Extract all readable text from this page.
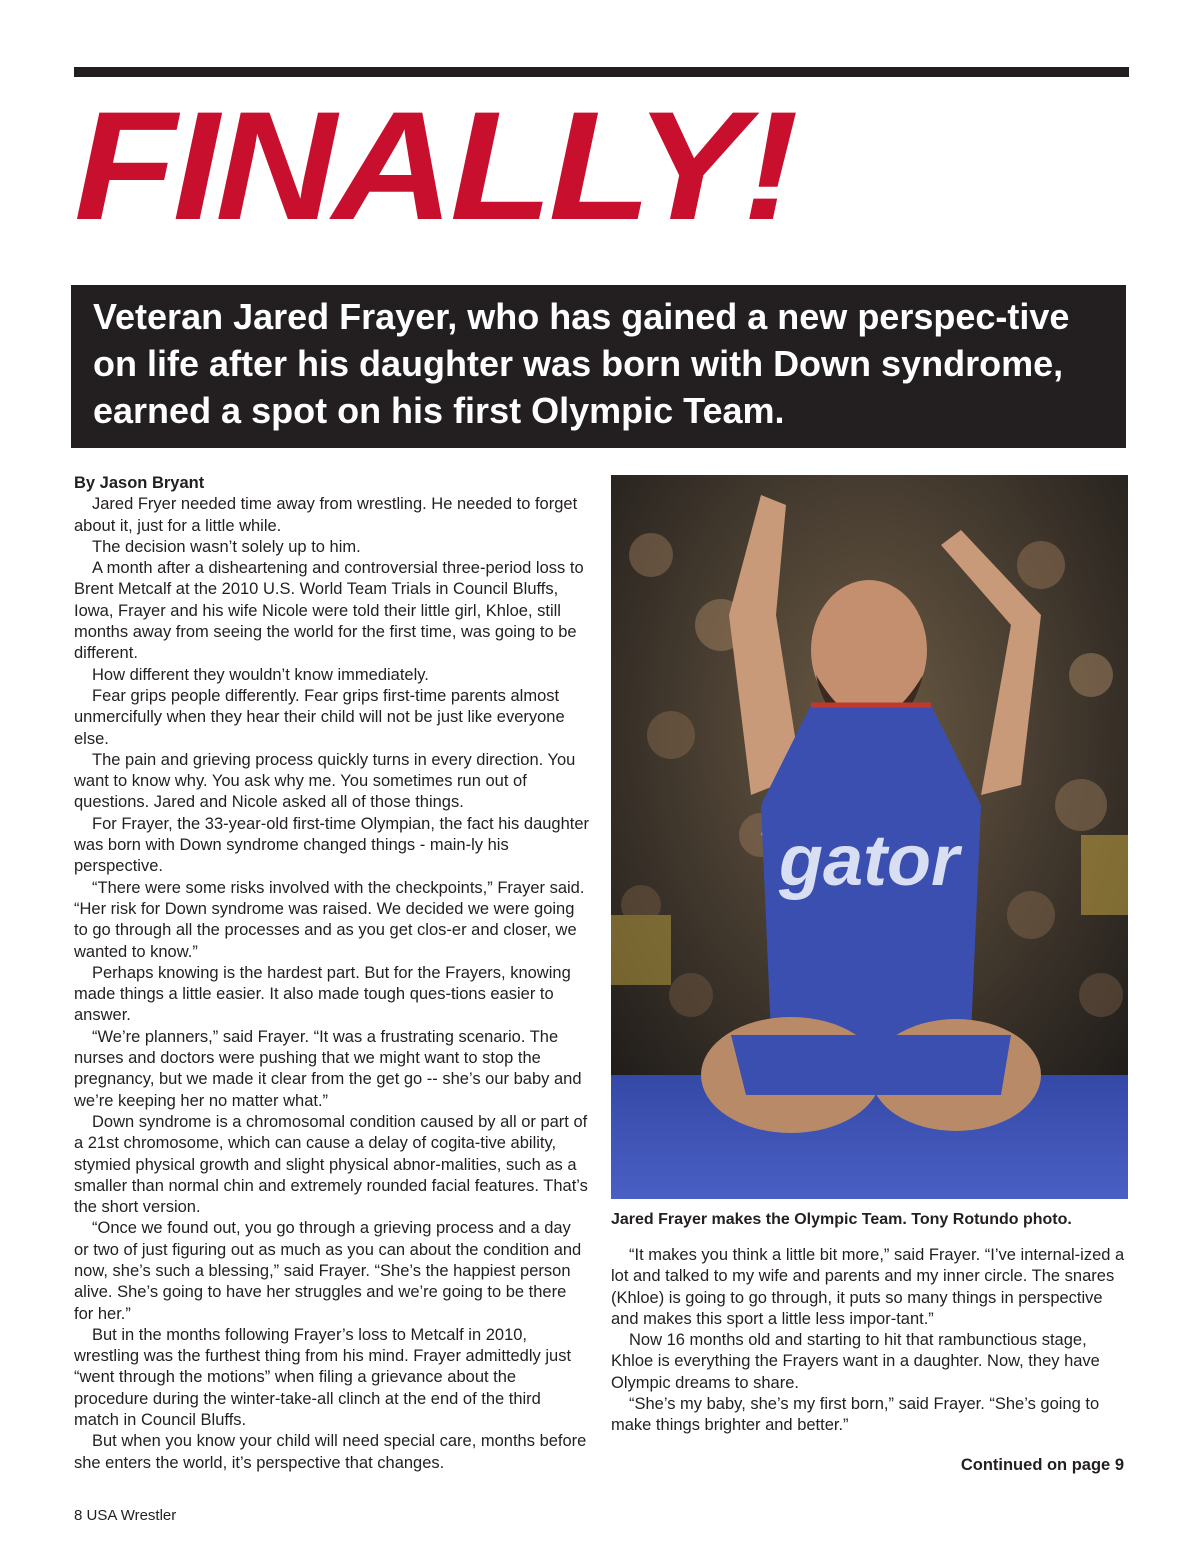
FINALLY!

Veteran Jared Frayer, who has gained a new perspec-tive on life after his daughter was born with Down syndrome, earned a spot on his first Olympic Team.

By Jason Bryant

Jared Fryer needed time away from wrestling. He needed to forget about it, just for a little while.

The decision wasn’t solely up to him.

A month after a disheartening and controversial three-period loss to Brent Metcalf at the 2010 U.S. World Team Trials in Council Bluffs, Iowa, Frayer and his wife Nicole were told their little girl, Khloe, still months away from seeing the world for the first time, was going to be different.

How different they wouldn’t know immediately.

Fear grips people differently. Fear grips first-time parents almost unmercifully when they hear their child will not be just like everyone else.

The pain and grieving process quickly turns in every direction. You want to know why. You ask why me. You sometimes run out of questions. Jared and Nicole asked all of those things.

For Frayer, the 33-year-old first-time Olympian, the fact his daughter was born with Down syndrome changed things - main-ly his perspective.

“There were some risks involved with the checkpoints,” Frayer said. “Her risk for Down syndrome was raised. We decided we were going to go through all the processes and as you get clos-er and closer, we wanted to know.”

Perhaps knowing is the hardest part. But for the Frayers, knowing made things a little easier. It also made tough ques-tions easier to answer.

“We’re planners,” said Frayer. “It was a frustrating scenario. The nurses and doctors were pushing that we might want to stop the pregnancy, but we made it clear from the get go -- she’s our baby and we’re keeping her no matter what.”

Down syndrome is a chromosomal condition caused by all or part of a 21st chromosome, which can cause a delay of cogita-tive ability, stymied physical growth and slight physical abnor-malities, such as a smaller than normal chin and extremely rounded facial features. That’s the short version.

“Once we found out, you go through a grieving process and a day or two of just figuring out as much as you can about the condition and now, she’s such a blessing,” said Frayer. “She’s the happiest person alive. She’s going to have her struggles and we’re going to be there for her.”

But in the months following Frayer’s loss to Metcalf in 2010, wrestling was the furthest thing from his mind. Frayer admittedly just “went through the motions” when filing a grievance about the procedure during the winter-take-all clinch at the end of the third match in Council Bluffs.

But when you know your child will need special care, months before she enters the world, it’s perspective that changes.

gator

Jared Frayer makes the Olympic Team. Tony Rotundo photo.

“It makes you think a little bit more,” said Frayer. “I’ve internal-ized a lot and talked to my wife and parents and my inner circle. The snares (Khloe) is going to go through, it puts so many things in perspective and makes this sport a little less impor-tant.”

Now 16 months old and starting to hit that rambunctious stage, Khloe is everything the Frayers want in a daughter. Now, they have Olympic dreams to share.

“She’s my baby, she’s my first born,” said Frayer. “She’s going to make things brighter and better.”

Continued on page 9

8 USA Wrestler
